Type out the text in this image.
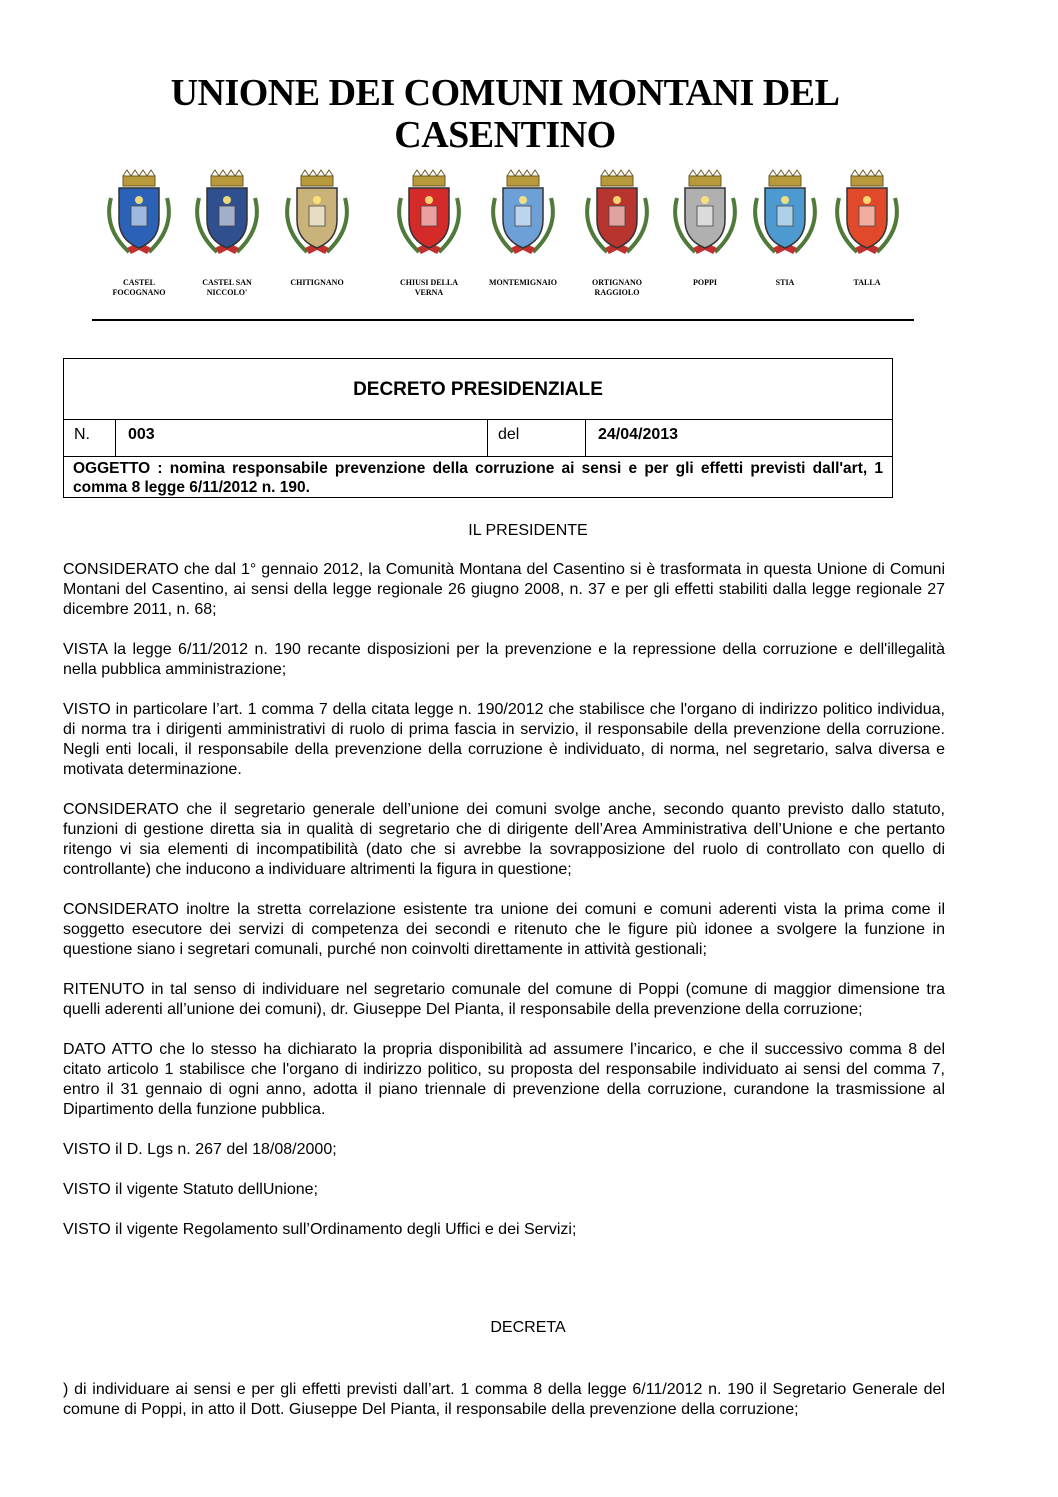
UNIONE DEI COMUNI MONTANI DEL
CASENTINO
CASTEL
FOCOGNANO
CASTEL SAN
NICCOLO'
CHITIGNANO	CHIUSI DELLA
VERNA
MONTEMIGNAIO	ORTIGNANO
RAGGIOLO
POPPI	STIA	TALLA
DECRETO PRESIDENZIALE
N.	003	del	24/04/2013
OGGETTO : nomina responsabile prevenzione della corruzione ai sensi e per gli effetti previsti dall'art, 1 comma 8 legge 6/11/2012 n. 190.
IL PRESIDENTE

CONSIDERATO che dal 1° gennaio 2012, la Comunità Montana del Casentino si è trasformata in questa Unione di Comuni Montani del Casentino, ai sensi della legge regionale 26 giugno 2008, n. 37 e per gli effetti stabiliti dalla legge regionale 27 dicembre 2011, n. 68;

VISTA la legge 6/11/2012 n. 190 recante disposizioni per la prevenzione e la repressione della corruzione e dell'illegalità nella pubblica amministrazione;

VISTO in particolare l’art. 1 comma 7 della citata legge n. 190/2012 che stabilisce che l'organo di indirizzo politico individua, di norma tra i dirigenti amministrativi di ruolo di prima fascia in servizio, il responsabile della prevenzione della corruzione. Negli enti locali, il responsabile della prevenzione della corruzione è individuato, di norma, nel segretario, salva diversa e motivata determinazione.

CONSIDERATO che il segretario generale dell’unione dei comuni svolge anche, secondo quanto previsto dallo statuto, funzioni di gestione diretta sia in qualità di segretario che di dirigente dell’Area Amministrativa dell’Unione e che pertanto ritengo vi sia elementi di incompatibilità (dato che si avrebbe la sovrapposizione del ruolo di controllato con quello di controllante) che inducono a individuare altrimenti la figura in questione;

CONSIDERATO inoltre la stretta correlazione esistente tra unione dei comuni e comuni aderenti vista la prima come il soggetto esecutore dei servizi di competenza dei secondi e ritenuto che le figure più idonee a svolgere la funzione in questione siano i segretari comunali, purché non coinvolti direttamente in attività gestionali;

RITENUTO in tal senso di individuare nel segretario comunale del comune di Poppi (comune di maggior dimensione tra quelli aderenti all’unione dei comuni), dr. Giuseppe Del Pianta, il responsabile della prevenzione della corruzione;

DATO ATTO che lo stesso ha dichiarato la propria disponibilità ad assumere l’incarico, e che il successivo comma 8 del citato articolo 1 stabilisce che l'organo di indirizzo politico, su proposta del responsabile individuato ai sensi del comma 7, entro il 31 gennaio di ogni anno, adotta il piano triennale di prevenzione della corruzione, curandone la trasmissione al Dipartimento della funzione pubblica.

VISTO il D. Lgs n. 267 del 18/08/2000;

VISTO il vigente Statuto dellUnione;

VISTO il vigente Regolamento sull’Ordinamento degli Uffici e dei Servizi;

DECRETA
) di individuare ai sensi e per gli effetti previsti dall’art. 1 comma 8 della legge 6/11/2012 n. 190 il Segretario Generale del comune di Poppi, in atto il Dott. Giuseppe Del Pianta, il responsabile della prevenzione della corruzione;
